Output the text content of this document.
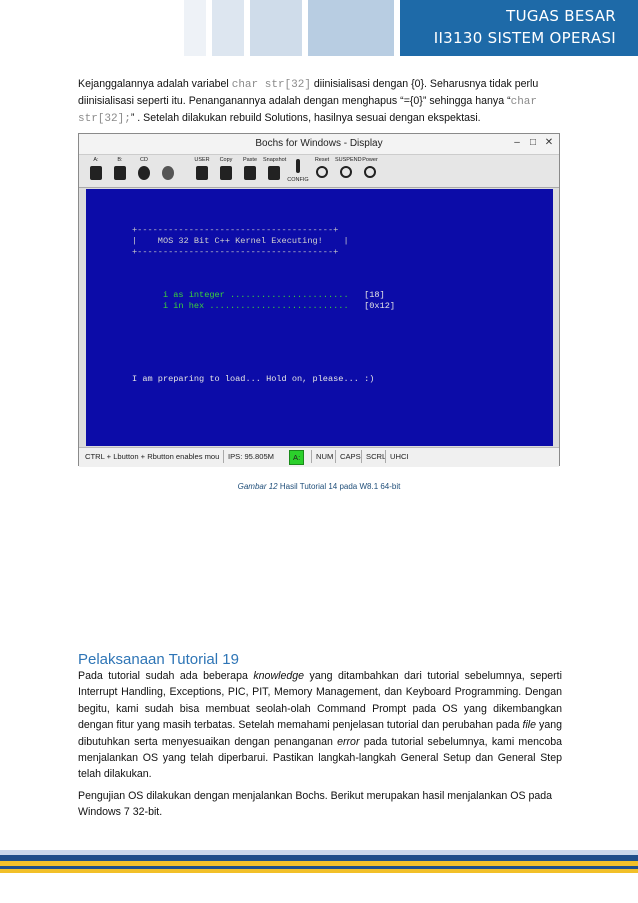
TUGAS BESAR
II3130 SISTEM OPERASI
Kejanggalannya adalah variabel char str[32] diinisialisasi dengan {0}. Seharusnya tidak perlu diinisialisasi seperti itu. Penanganannya adalah dengan menghapus “={0}” sehingga hanya “char str[32];” . Setelah dilakukan rebuild Solutions, hasilnya sesuai dengan ekspektasi.
Bochs for Windows - Display	–	□ ✕
A:	B:	CD	USER	Copy	Paste	Snapshot
CONFIG
Reset	SUSPEND Power
+--------------------------------------+
|    MOS 32 Bit C++ Kernel Executing!    |
+--------------------------------------+

i as integer .......................   [18]

i in hex ...........................   [0x12]

I am preparing to load... Hold on, please... :)
CTRL + Lbutton + Rbutton enables mou	IPS: 95.805M	A:	NUM CAPS SCRL UHCI
Gambar 12 Hasil Tutorial 14 pada W8.1 64-bit
Pelaksanaan Tutorial 19
Pada tutorial sudah ada beberapa knowledge yang ditambahkan dari tutorial sebelumnya, seperti Interrupt Handling, Exceptions, PIC, PIT, Memory Management, dan Keyboard Programming. Dengan begitu, kami sudah bisa membuat seolah-olah Command Prompt pada OS yang dikembangkan dengan fitur yang masih terbatas. Setelah memahami penjelasan tutorial dan perubahan pada file yang dibutuhkan serta menyesuaikan dengan penanganan error pada tutorial sebelumnya, kami mencoba menjalankan OS yang telah diperbarui. Pastikan langkah-langkah General Setup dan General Step telah dilakukan.
Pengujian OS dilakukan dengan menjalankan Bochs. Berikut merupakan hasil menjalankan OS pada Windows 7 32-bit.
